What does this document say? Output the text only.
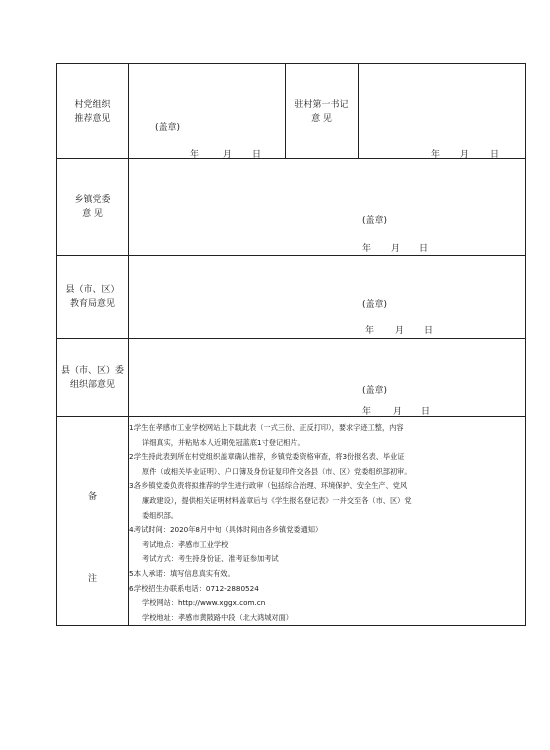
村党组织
推荐意见
(盖章)
年	月 日
驻村第一书记
意 见
年 月 日
乡镇党委
意 见
(盖章)
年 月 日
县（市、区）
教育局意见	(盖章)
年 月 日
县（市、区）委
组织部意见
(盖章)
年 月 日
备
注
1.
学生在孝感市工业学校网站上下载此表（一式三份、正反打印），要求字迹工整，内容
详细真实，并粘贴本人近期免冠蓝底1寸登记相片。
2.
学生持此表到所在村党组织盖章确认推荐，乡镇党委资格审查，将3份报名表、毕业证
原件（或相关毕业证明）、户口簿及身份证复印件交各县（市、区）党委组织部初审。
3.
各乡镇党委负责将拟推荐的学生进行政审（包括综合治理、环境保护、安全生产、党风
廉政建设），提供相关证明材料盖章后与《学生报名登记表》一并交至各（市、区）党
委组织部。
4.
考试时间：2020年8月中旬（具体时间由各乡镇党委通知）
考试地点：孝感市工业学校
考试方式：考生持身份证、准考证参加考试
5.
本人承诺：填写信息真实有效。
6.
学校招生办联系电话：0712-2880524
学校网站：http://www.xggx.com.cn
学校地址：孝感市黄陂路中段（北大鸿城对面）
